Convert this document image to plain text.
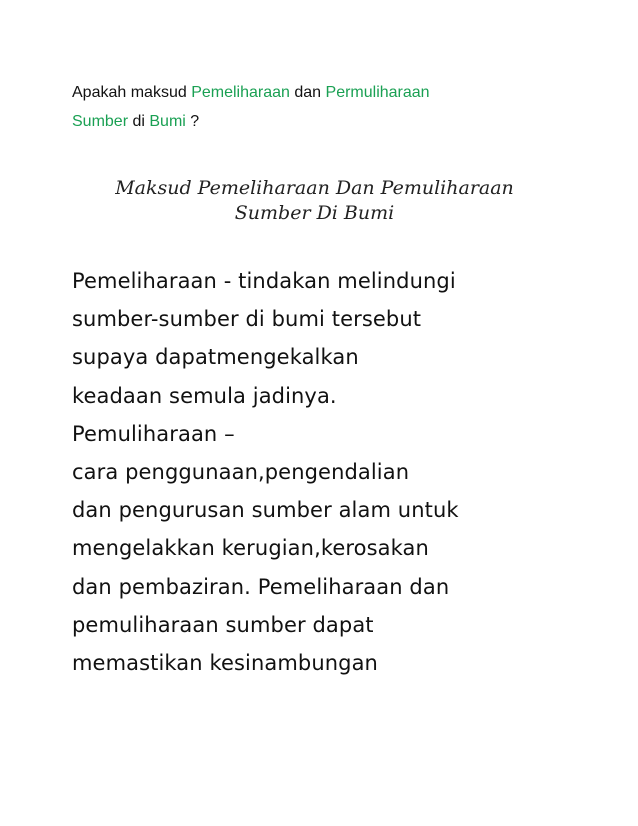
Apakah maksud Pemeliharaan dan Permuliharaan
Sumber di Bumi ?
Maksud Pemeliharaan Dan Pemuliharaan
Sumber Di Bumi
Pemeliharaan - tindakan melindungi
sumber-sumber di bumi tersebut
supaya dapatmengekalkan
keadaan semula jadinya.
Pemuliharaan –
cara penggunaan,pengendalian
dan pengurusan sumber alam untuk
mengelakkan kerugian,kerosakan
dan pembaziran. Pemeliharaan dan
pemuliharaan sumber dapat
memastikan kesinambungan
